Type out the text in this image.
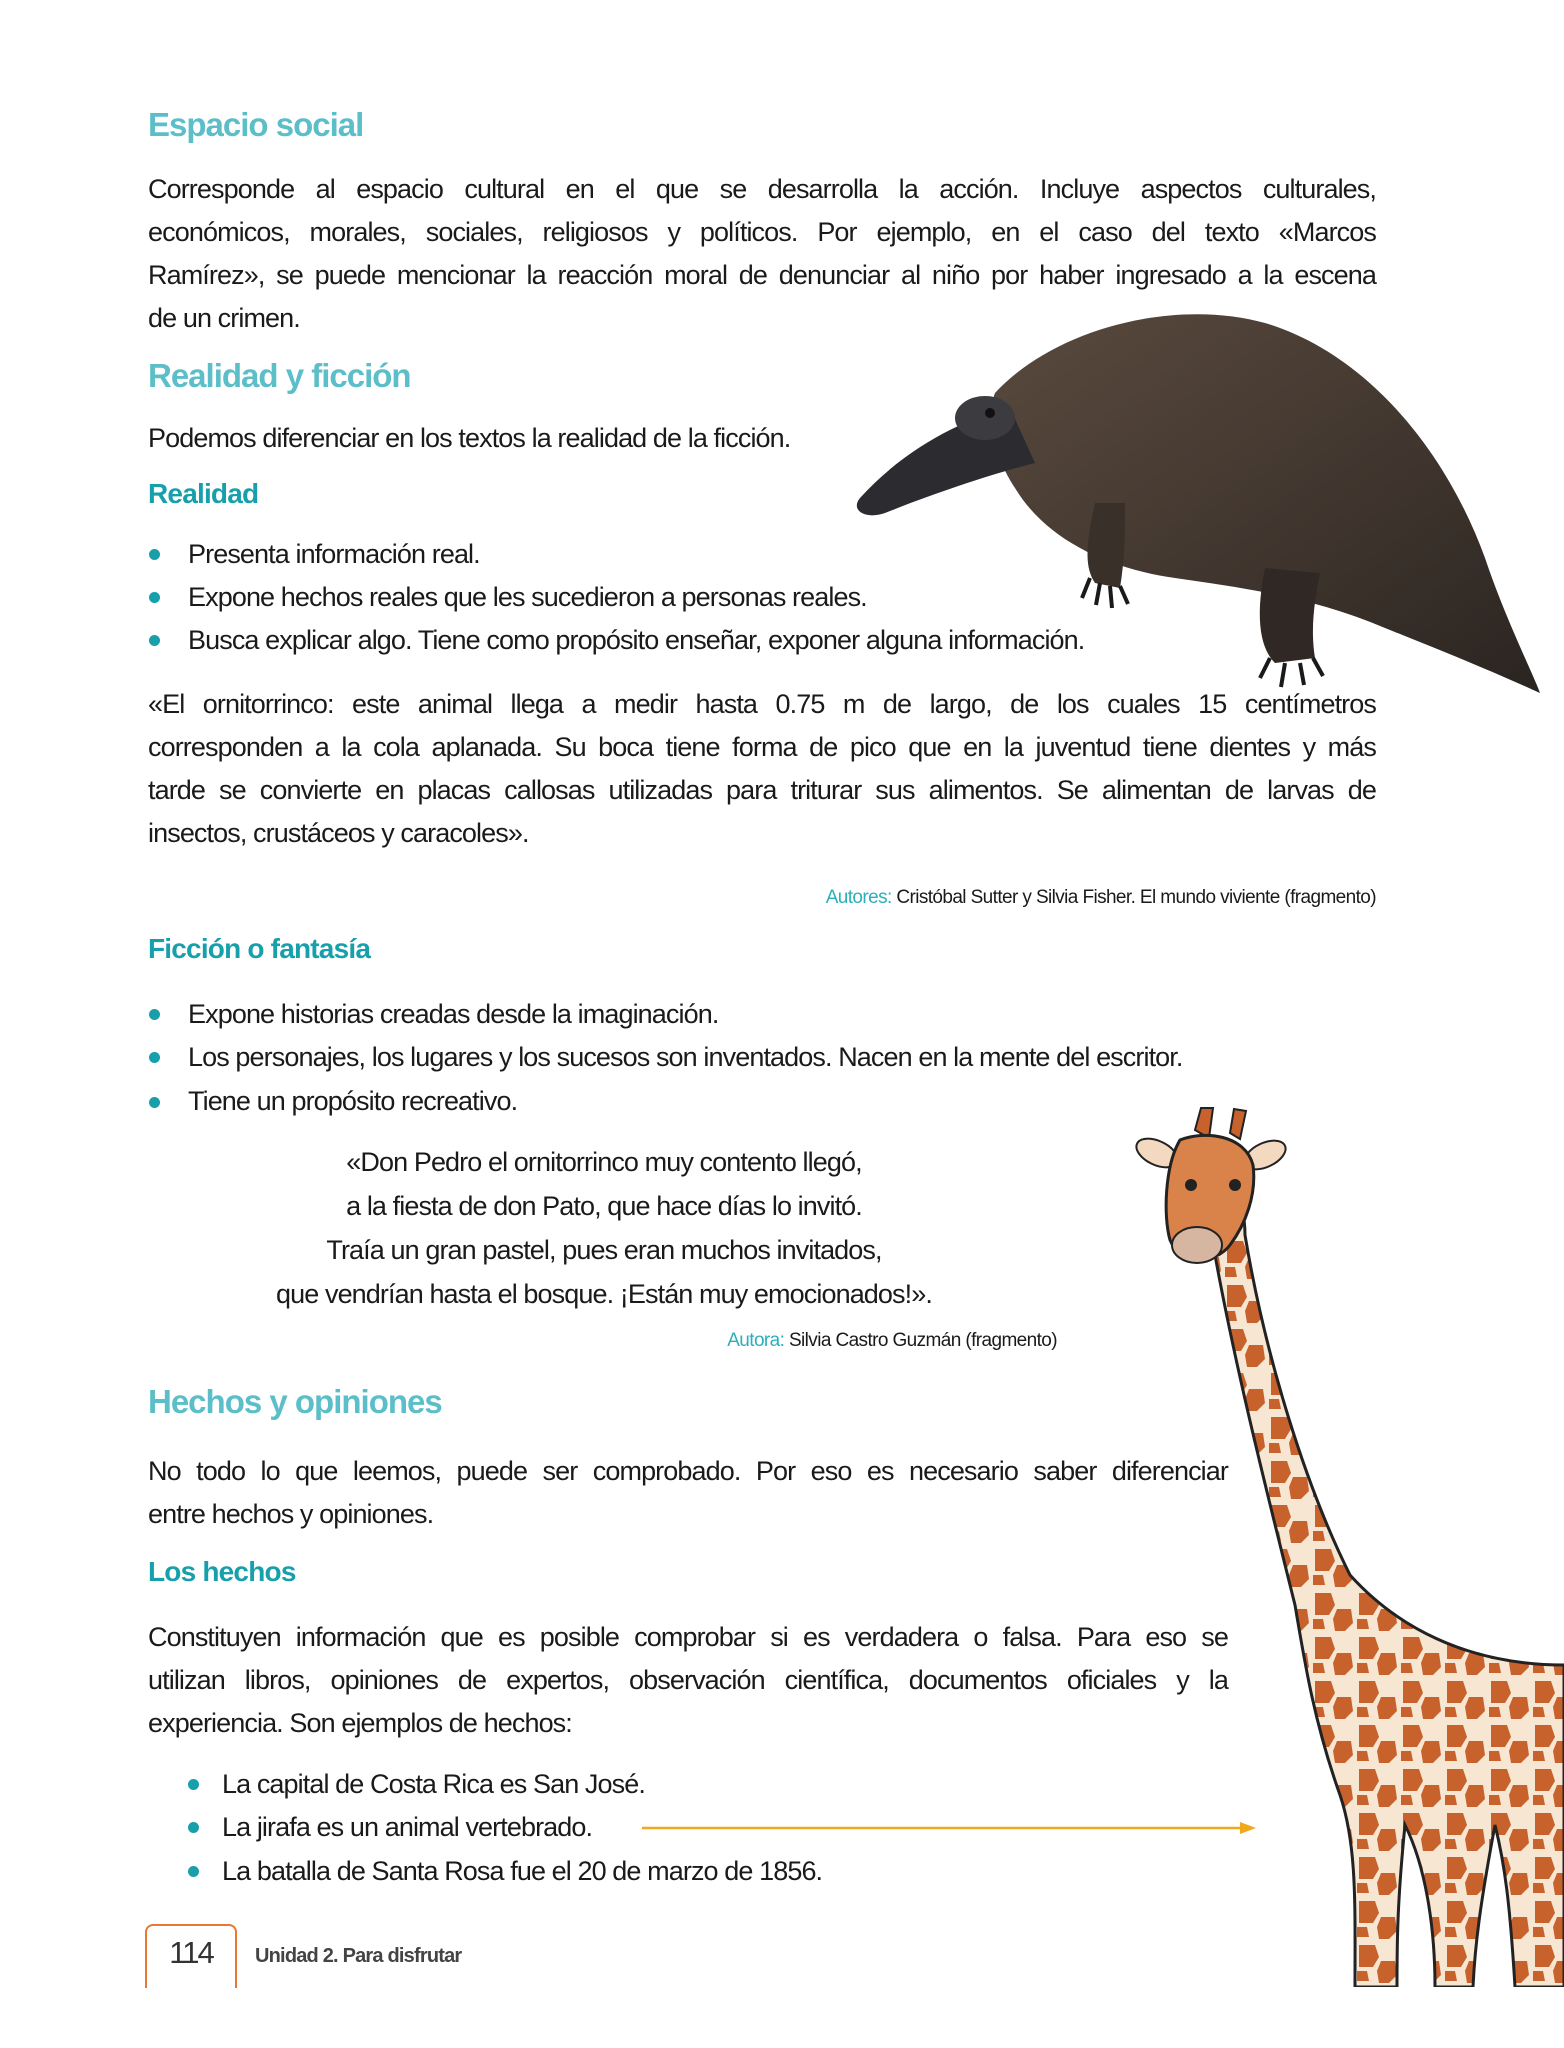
Espacio social
Corresponde al espacio cultural en el que se desarrolla la acción. Incluye aspectos culturales,
económicos, morales, sociales, religiosos y políticos. Por ejemplo, en el caso del texto «Marcos
Ramírez», se puede mencionar la reacción moral de denunciar al niño por haber ingresado a la escena
de un crimen.
Realidad y ficción
Podemos diferenciar en los textos la realidad de la ficción.
Realidad
Presenta información real.
Expone hechos reales que les sucedieron a personas reales.
Busca explicar algo. Tiene como propósito enseñar, exponer alguna información.
«El ornitorrinco: este animal llega a medir hasta 0.75 m de largo, de los cuales 15 centímetros
corresponden a la cola aplanada. Su boca tiene forma de pico que en la juventud tiene dientes y más
tarde se convierte en placas callosas utilizadas para triturar sus alimentos. Se alimentan de larvas de
insectos, crustáceos y caracoles».
Autores: Cristóbal Sutter y Silvia Fisher. El mundo viviente (fragmento)
Ficción o fantasía
Expone historias creadas desde la imaginación.
Los personajes, los lugares y los sucesos son inventados. Nacen en la mente del escritor.
Tiene un propósito recreativo.
«Don Pedro el ornitorrinco muy contento llegó,
a la fiesta de don Pato, que hace días lo invitó.
Traía un gran pastel, pues eran muchos invitados,
que vendrían hasta el bosque. ¡Están muy emocionados!».
Autora: Silvia Castro Guzmán (fragmento)
Hechos y opiniones
No todo lo que leemos, puede ser comprobado. Por eso es necesario saber diferenciar
entre hechos y opiniones.
Los hechos
Constituyen información que es posible comprobar si es verdadera o falsa. Para eso se
utilizan libros, opiniones de expertos, observación científica, documentos oficiales y la
experiencia. Son ejemplos de hechos:
La capital de Costa Rica es San José.
La jirafa es un animal vertebrado.
La batalla de Santa Rosa fue el 20 de marzo de 1856.
114	Unidad 2. Para disfrutar
